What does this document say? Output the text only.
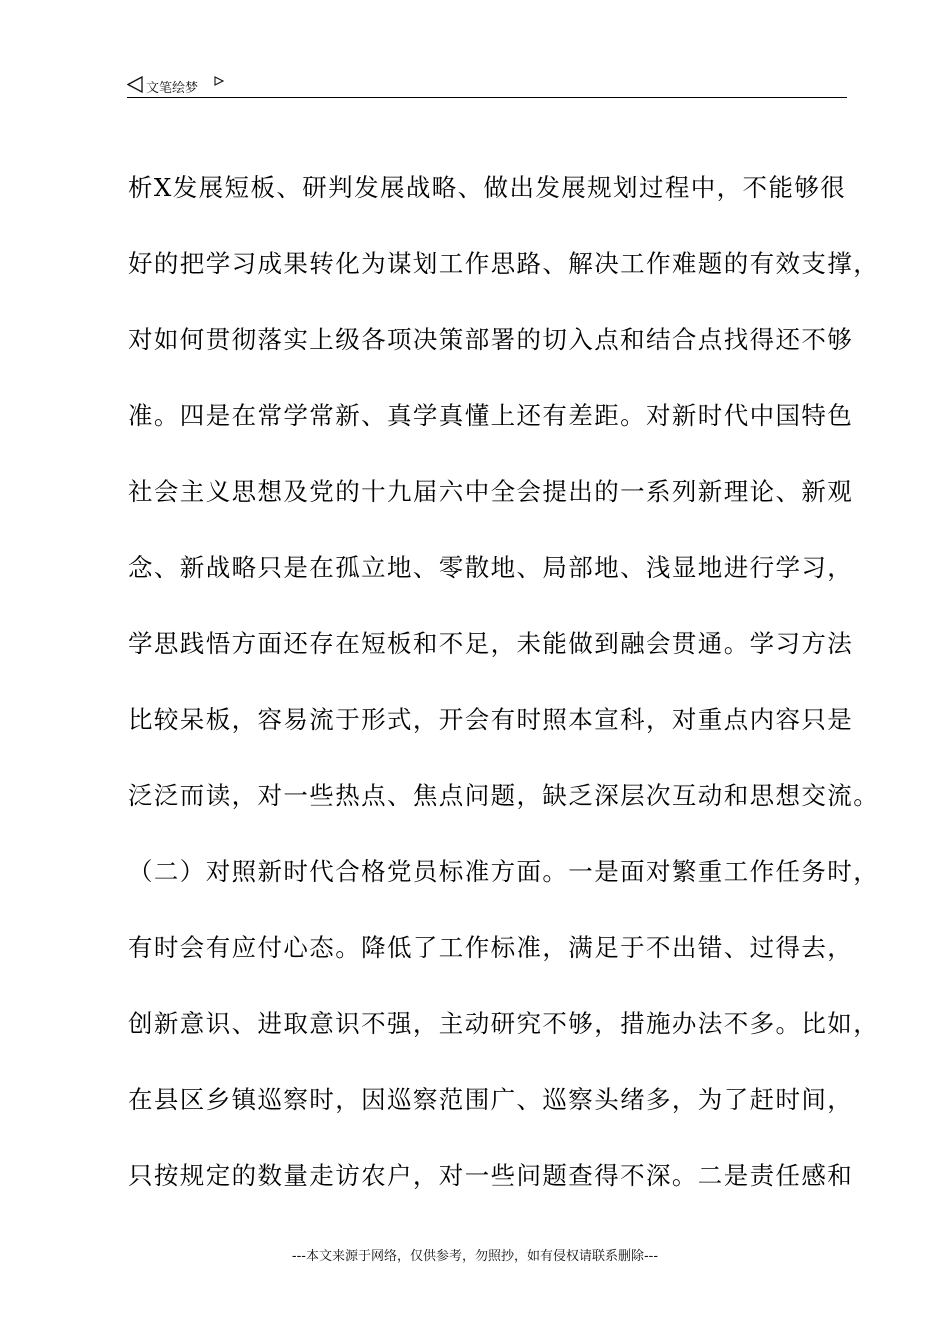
文笔绘梦
析X发展短板、研判发展战略、做出发展规划过程中，不能够很
好的把学习成果转化为谋划工作思路、解决工作难题的有效支撑，
对如何贯彻落实上级各项决策部署的切入点和结合点找得还不够
准。四是在常学常新、真学真懂上还有差距。对新时代中国特色
社会主义思想及党的十九届六中全会提出的一系列新理论、新观
念、新战略只是在孤立地、零散地、局部地、浅显地进行学习，
学思践悟方面还存在短板和不足，未能做到融会贯通。学习方法
比较呆板，容易流于形式，开会有时照本宣科，对重点内容只是
泛泛而读，对一些热点、焦点问题，缺乏深层次互动和思想交流。
（二）对照新时代合格党员标准方面。一是面对繁重工作任务时，
有时会有应付心态。降低了工作标准，满足于不出错、过得去，
创新意识、进取意识不强，主动研究不够，措施办法不多。比如，
在县区乡镇巡察时，因巡察范围广、巡察头绪多，为了赶时间，
只按规定的数量走访农户，对一些问题查得不深。二是责任感和
---本文来源于网络，仅供参考，勿照抄，如有侵权请联系删除---
